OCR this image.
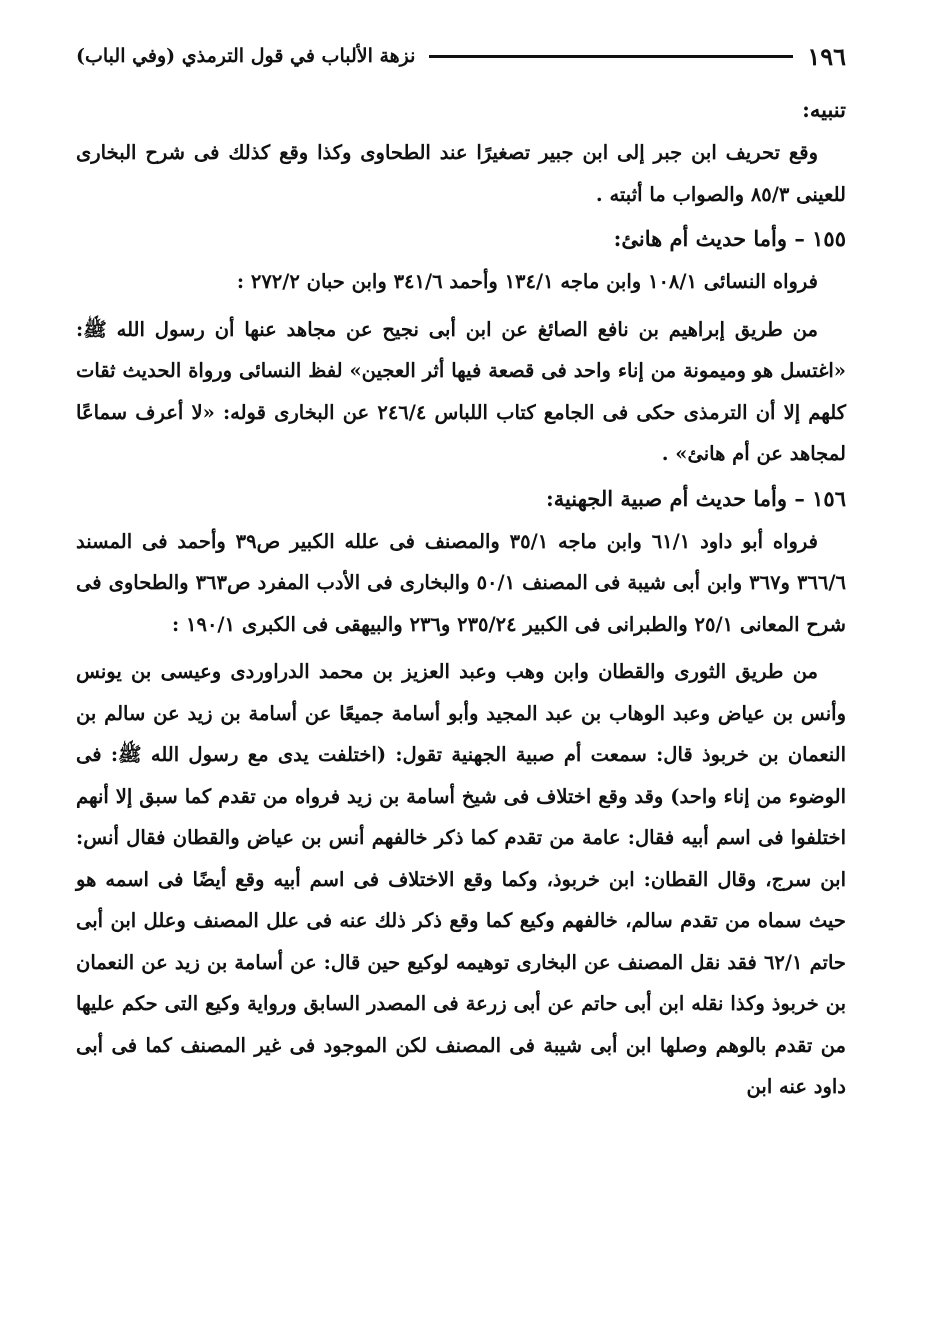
١٩٦
نزهة الألباب في قول الترمذي (وفي الباب)
تنبيه:

وقع تحريف ابن جبر إلى ابن جبير تصغيرًا عند الطحاوى وكذا وقع كذلك فى شرح البخارى للعينى ٨٥/٣ والصواب ما أثبته .

١٥٥ – وأما حديث أم هانئ:

فرواه النسائى ١٠٨/١ وابن ماجه ١٣٤/١ وأحمد ٣٤١/٦ وابن حبان ٢٧٢/٢ :

من طريق إبراهيم بن نافع الصائغ عن ابن أبى نجيح عن مجاهد عنها أن رسول الله ﷺ: «اغتسل هو وميمونة من إناء واحد فى قصعة فيها أثر العجين» لفظ النسائى ورواة الحديث ثقات كلهم إلا أن الترمذى حكى فى الجامع كتاب اللباس ٢٤٦/٤ عن البخارى قوله: «لا أعرف سماعًا لمجاهد عن أم هانئ» .

١٥٦ – وأما حديث أم صبية الجهنية:

فرواه أبو داود ٦١/١ وابن ماجه ٣٥/١ والمصنف فى علله الكبير ص٣٩ وأحمد فى المسند ٣٦٦/٦ و٣٦٧ وابن أبى شيبة فى المصنف ٥٠/١ والبخارى فى الأدب المفرد ص٣٦٣ والطحاوى فى شرح المعانى ٢٥/١ والطبرانى فى الكبير ٢٣٥/٢٤ و٢٣٦ والبيهقى فى الكبرى ١٩٠/١ :

من طريق الثورى والقطان وابن وهب وعبد العزيز بن محمد الدراوردى وعيسى بن يونس وأنس بن عياض وعبد الوهاب بن عبد المجيد وأبو أسامة جميعًا عن أسامة بن زيد عن سالم بن النعمان بن خربوذ قال: سمعت أم صبية الجهنية تقول: (اختلفت يدى مع رسول الله ﷺ: فى الوضوء من إناء واحد) وقد وقع اختلاف فى شيخ أسامة بن زيد فرواه من تقدم كما سبق إلا أنهم اختلفوا فى اسم أبيه فقال: عامة من تقدم كما ذكر خالفهم أنس بن عياض والقطان فقال أنس: ابن سرج، وقال القطان: ابن خربوذ، وكما وقع الاختلاف فى اسم أبيه وقع أيضًا فى اسمه هو حيث سماه من تقدم سالم، خالفهم وكيع كما وقع ذكر ذلك عنه فى علل المصنف وعلل ابن أبى حاتم ٦٢/١ فقد نقل المصنف عن البخارى توهيمه لوكيع حين قال: عن أسامة بن زيد عن النعمان بن خربوذ وكذا نقله ابن أبى حاتم عن أبى زرعة فى المصدر السابق ورواية وكيع التى حكم عليها من تقدم بالوهم وصلها ابن أبى شيبة فى المصنف لكن الموجود فى غير المصنف كما فى أبى داود عنه ابن
